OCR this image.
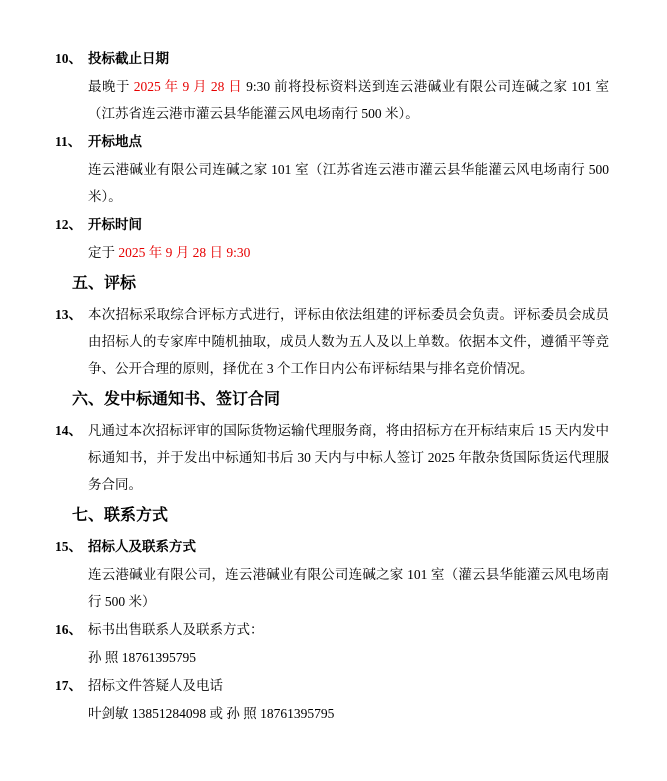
10、 投标截止日期
最晚于 2025 年 9 月 28 日 9:30 前将投标资料送到连云港碱业有限公司连碱之家 101 室（江苏省连云港市灌云县华能灌云风电场南行 500 米）。
11、 开标地点
连云港碱业有限公司连碱之家 101 室（江苏省连云港市灌云县华能灌云风电场南行 500 米）。
12、 开标时间
定于 2025 年 9 月 28 日 9:30
五、评标
13、 本次招标采取综合评标方式进行，评标由依法组建的评标委员会负责。评标委员会成员由招标人的专家库中随机抽取，成员人数为五人及以上单数。依据本文件，遵循平等竞争、公开合理的原则，择优在 3 个工作日内公布评标结果与排名竞价情况。
六、发中标通知书、签订合同
14、 凡通过本次招标评审的国际货物运输代理服务商，将由招标方在开标结束后 15 天内发中标通知书，并于发出中标通知书后 30 天内与中标人签订 2025 年散杂货国际货运代理服务合同。
七、联系方式
15、 招标人及联系方式
连云港碱业有限公司，连云港碱业有限公司连碱之家 101 室（灌云县华能灌云风电场南行 500 米）
16、 标书出售联系人及联系方式：
孙 照 18761395795
17、 招标文件答疑人及电话
叶剑敏 13851284098 或 孙 照 18761395795
